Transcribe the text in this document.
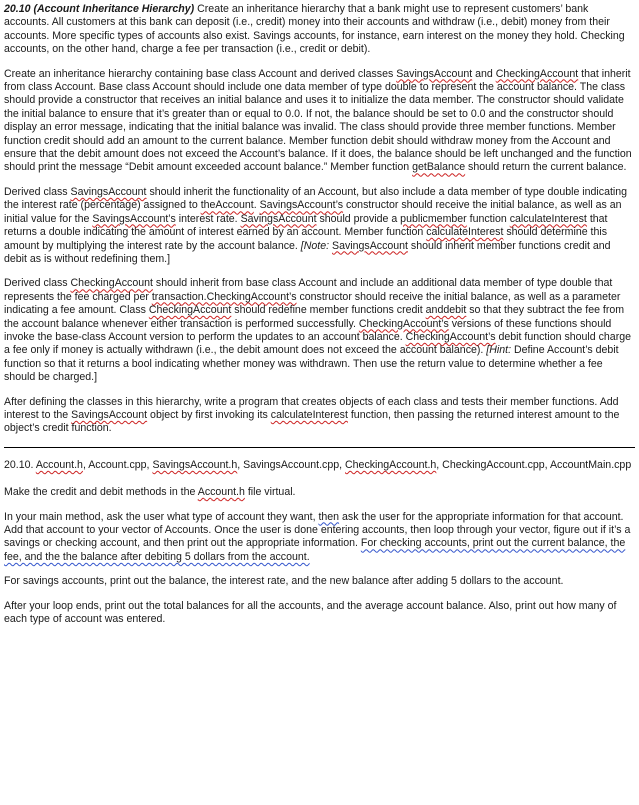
20.10 (Account Inheritance Hierarchy) Create an inheritance hierarchy that a bank might use to represent customers’ bank accounts. All customers at this bank can deposit (i.e., credit) money into their accounts and withdraw (i.e., debit) money from their accounts. More specific types of accounts also exist. Savings accounts, for instance, earn interest on the money they hold. Checking accounts, on the other hand, charge a fee per transaction (i.e., credit or debit).

Create an inheritance hierarchy containing base class Account and derived classes SavingsAccount and CheckingAccount that inherit from class Account. Base class Account should include one data member of type double to represent the account balance. The class should provide a constructor that receives an initial balance and uses it to initialize the data member. The constructor should validate the initial balance to ensure that it’s greater than or equal to 0.0. If not, the balance should be set to 0.0 and the constructor should display an error message, indicating that the initial balance was invalid. The class should provide three member functions. Member function credit should add an amount to the current balance. Member function debit should withdraw money from the Account and ensure that the debit amount does not exceed the Account’s balance. If it does, the balance should be left unchanged and the function should print the message “Debit amount exceeded account balance.” Member function getBalance should return the current balance.

Derived class SavingsAccount should inherit the functionality of an Account, but also include a data member of type double indicating the interest rate (percentage) assigned to theAccount. SavingsAccount’s constructor should receive the initial balance, as well as an initial value for the SavingsAccount’s interest rate. SavingsAccount should provide a publicmember function calculateInterest that returns a double indicating the amount of interest earned by an account. Member function calculateInterest should determine this amount by multiplying the interest rate by the account balance. [Note: SavingsAccount should inherit member functions credit and debit as is without redefining them.]

Derived class CheckingAccount should inherit from base class Account and include an additional data member of type double that represents the fee charged per transaction.CheckingAccount’s constructor should receive the initial balance, as well as a parameter indicating a fee amount. Class CheckingAccount should redefine member functions credit anddebit so that they subtract the fee from the account balance whenever either transaction is performed successfully. CheckingAccount’s versions of these functions should invoke the base-class Account version to perform the updates to an account balance. CheckingAccount’s debit function should charge a fee only if money is actually withdrawn (i.e., the debit amount does not exceed the account balance). [Hint: Define Account’s debit function so that it returns a bool indicating whether money was withdrawn. Then use the return value to determine whether a fee should be charged.]

After defining the classes in this hierarchy, write a program that creates objects of each class and tests their member functions. Add interest to the SavingsAccount object by first invoking its calculateInterest function, then passing the returned interest amount to the object’s credit function.

20.10. Account.h, Account.cpp, SavingsAccount.h, SavingsAccount.cpp, CheckingAccount.h, CheckingAccount.cpp, AccountMain.cpp

Make the credit and debit methods in the Account.h file virtual.

In your main method, ask the user what type of account they want, then ask the user for the appropriate information for that account. Add that account to your vector of Accounts. Once the user is done entering accounts, then loop through your vector, figure out if it’s a savings or checking account, and then print out the appropriate information. For checking accounts, print out the current balance, the fee, and the the balance after debiting 5 dollars from the account.

For savings accounts, print out the balance, the interest rate, and the new balance after adding 5 dollars to the account.

After your loop ends, print out the total balances for all the accounts, and the average account balance. Also, print out how many of each type of account was entered.
